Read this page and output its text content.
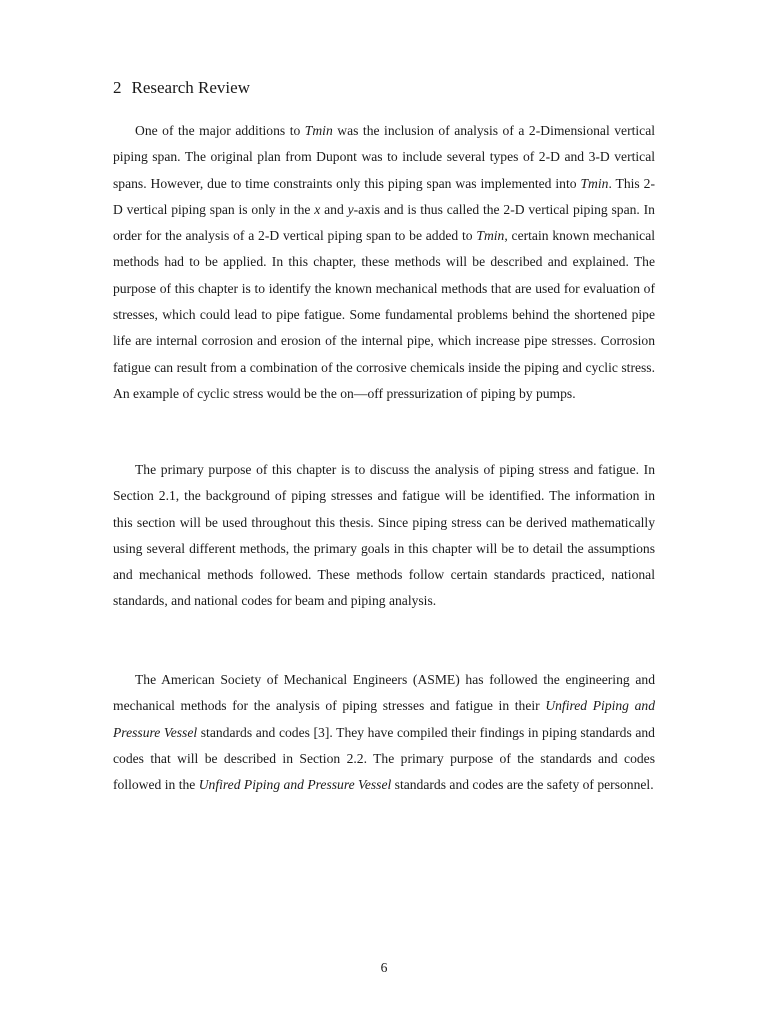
2 Research Review

One of the major additions to Tmin was the inclusion of analysis of a 2-Dimensional vertical piping span. The original plan from Dupont was to include several types of 2-D and 3-D vertical spans. However, due to time constraints only this piping span was implemented into Tmin. This 2-D vertical piping span is only in the x and y-axis and is thus called the 2-D vertical piping span. In order for the analysis of a 2-D vertical piping span to be added to Tmin, certain known mechanical methods had to be applied. In this chapter, these methods will be described and explained. The purpose of this chapter is to identify the known mechanical methods that are used for evaluation of stresses, which could lead to pipe fatigue. Some fundamental problems behind the shortened pipe life are internal corrosion and erosion of the internal pipe, which increase pipe stresses. Corrosion fatigue can result from a combination of the corrosive chemicals inside the piping and cyclic stress. An example of cyclic stress would be the on—off pressurization of piping by pumps.

The primary purpose of this chapter is to discuss the analysis of piping stress and fatigue. In Section 2.1, the background of piping stresses and fatigue will be identified. The information in this section will be used throughout this thesis. Since piping stress can be derived mathematically using several different methods, the primary goals in this chapter will be to detail the assumptions and mechanical methods followed. These methods follow certain standards practiced, national standards, and national codes for beam and piping analysis.

The American Society of Mechanical Engineers (ASME) has followed the engineering and mechanical methods for the analysis of piping stresses and fatigue in their Unfired Piping and Pressure Vessel standards and codes [3]. They have compiled their findings in piping standards and codes that will be described in Section 2.2. The primary purpose of the standards and codes followed in the Unfired Piping and Pressure Vessel standards and codes are the safety of personnel.

6
